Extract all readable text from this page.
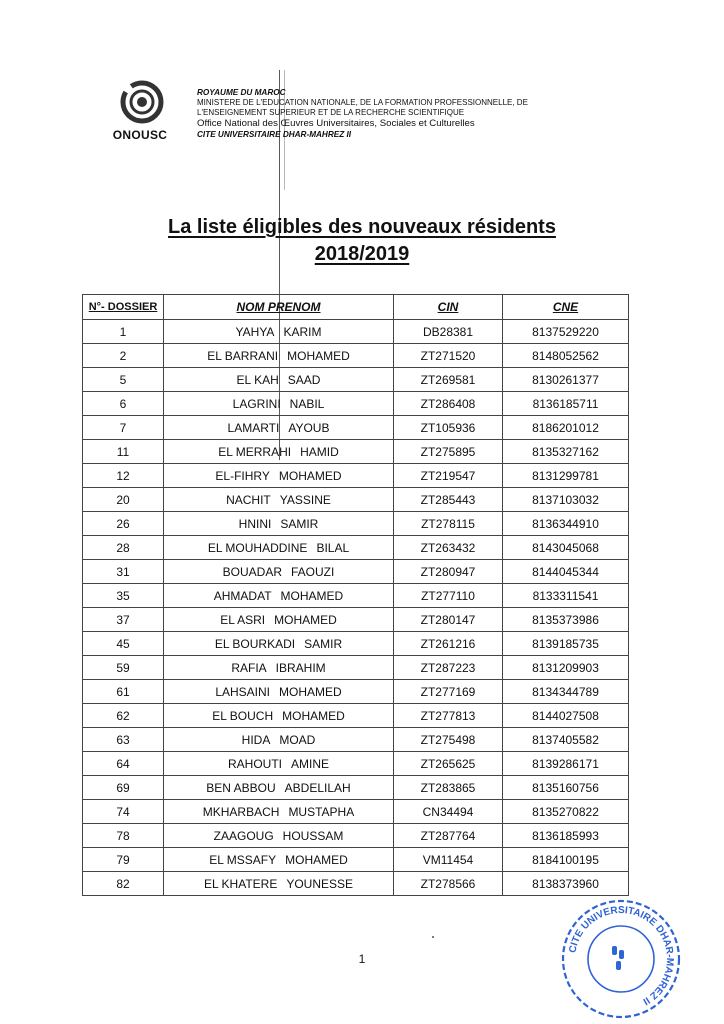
ONOUSC
ROYAUME DU MAROC
MINISTERE DE L'EDUCATION NATIONALE, DE LA FORMATION PROFESSIONNELLE, DE
L'ENSEIGNEMENT SUPERIEUR ET DE LA RECHERCHE SCIENTIFIQUE
Office National des Œuvres Universitaires, Sociales et Culturelles
CITE UNIVERSITAIRE DHAR-MAHREZ II
La liste éligibles des nouveaux résidents
2018/2019
N°- DOSSIER	NOM PRENOM	CIN	CNE
1	YAHYA KARIM	DB28381	8137529220
2	EL BARRANI MOHAMED	ZT271520	8148052562
5	EL KAH SAAD	ZT269581	8130261377
6	LAGRINI NABIL	ZT286408	8136185711
7	LAMARTI AYOUB	ZT105936	8186201012
11	EL MERRAHI HAMID	ZT275895	8135327162
12	EL-FIHRY MOHAMED	ZT219547	8131299781
20	NACHIT YASSINE	ZT285443	8137103032
26	HNINI SAMIR	ZT278115	8136344910
28	EL MOUHADDINE BILAL	ZT263432	8143045068
31	BOUADAR FAOUZI	ZT280947	8144045344
35	AHMADAT MOHAMED	ZT277110	8133311541
37	EL ASRI MOHAMED	ZT280147	8135373986
45	EL BOURKADI SAMIR	ZT261216	8139185735
59	RAFIA IBRAHIM	ZT287223	8131209903
61	LAHSAINI MOHAMED	ZT277169	8134344789
62	EL BOUCH MOHAMED	ZT277813	8144027508
63	HIDA MOAD	ZT275498	8137405582
64	RAHOUTI AMINE	ZT265625	8139286171
69	BEN ABBOU ABDELILAH	ZT283865	8135160756
74	MKHARBACH MUSTAPHA	CN34494	8135270822
78	ZAAGOUG HOUSSAM	ZT287764	8136185993
79	EL MSSAFY MOHAMED	VM11454	8184100195
82	EL KHATERE YOUNESSE	ZT278566	8138373960
1
CITE UNIVERSITAIRE DHAR-MAHREZ II
